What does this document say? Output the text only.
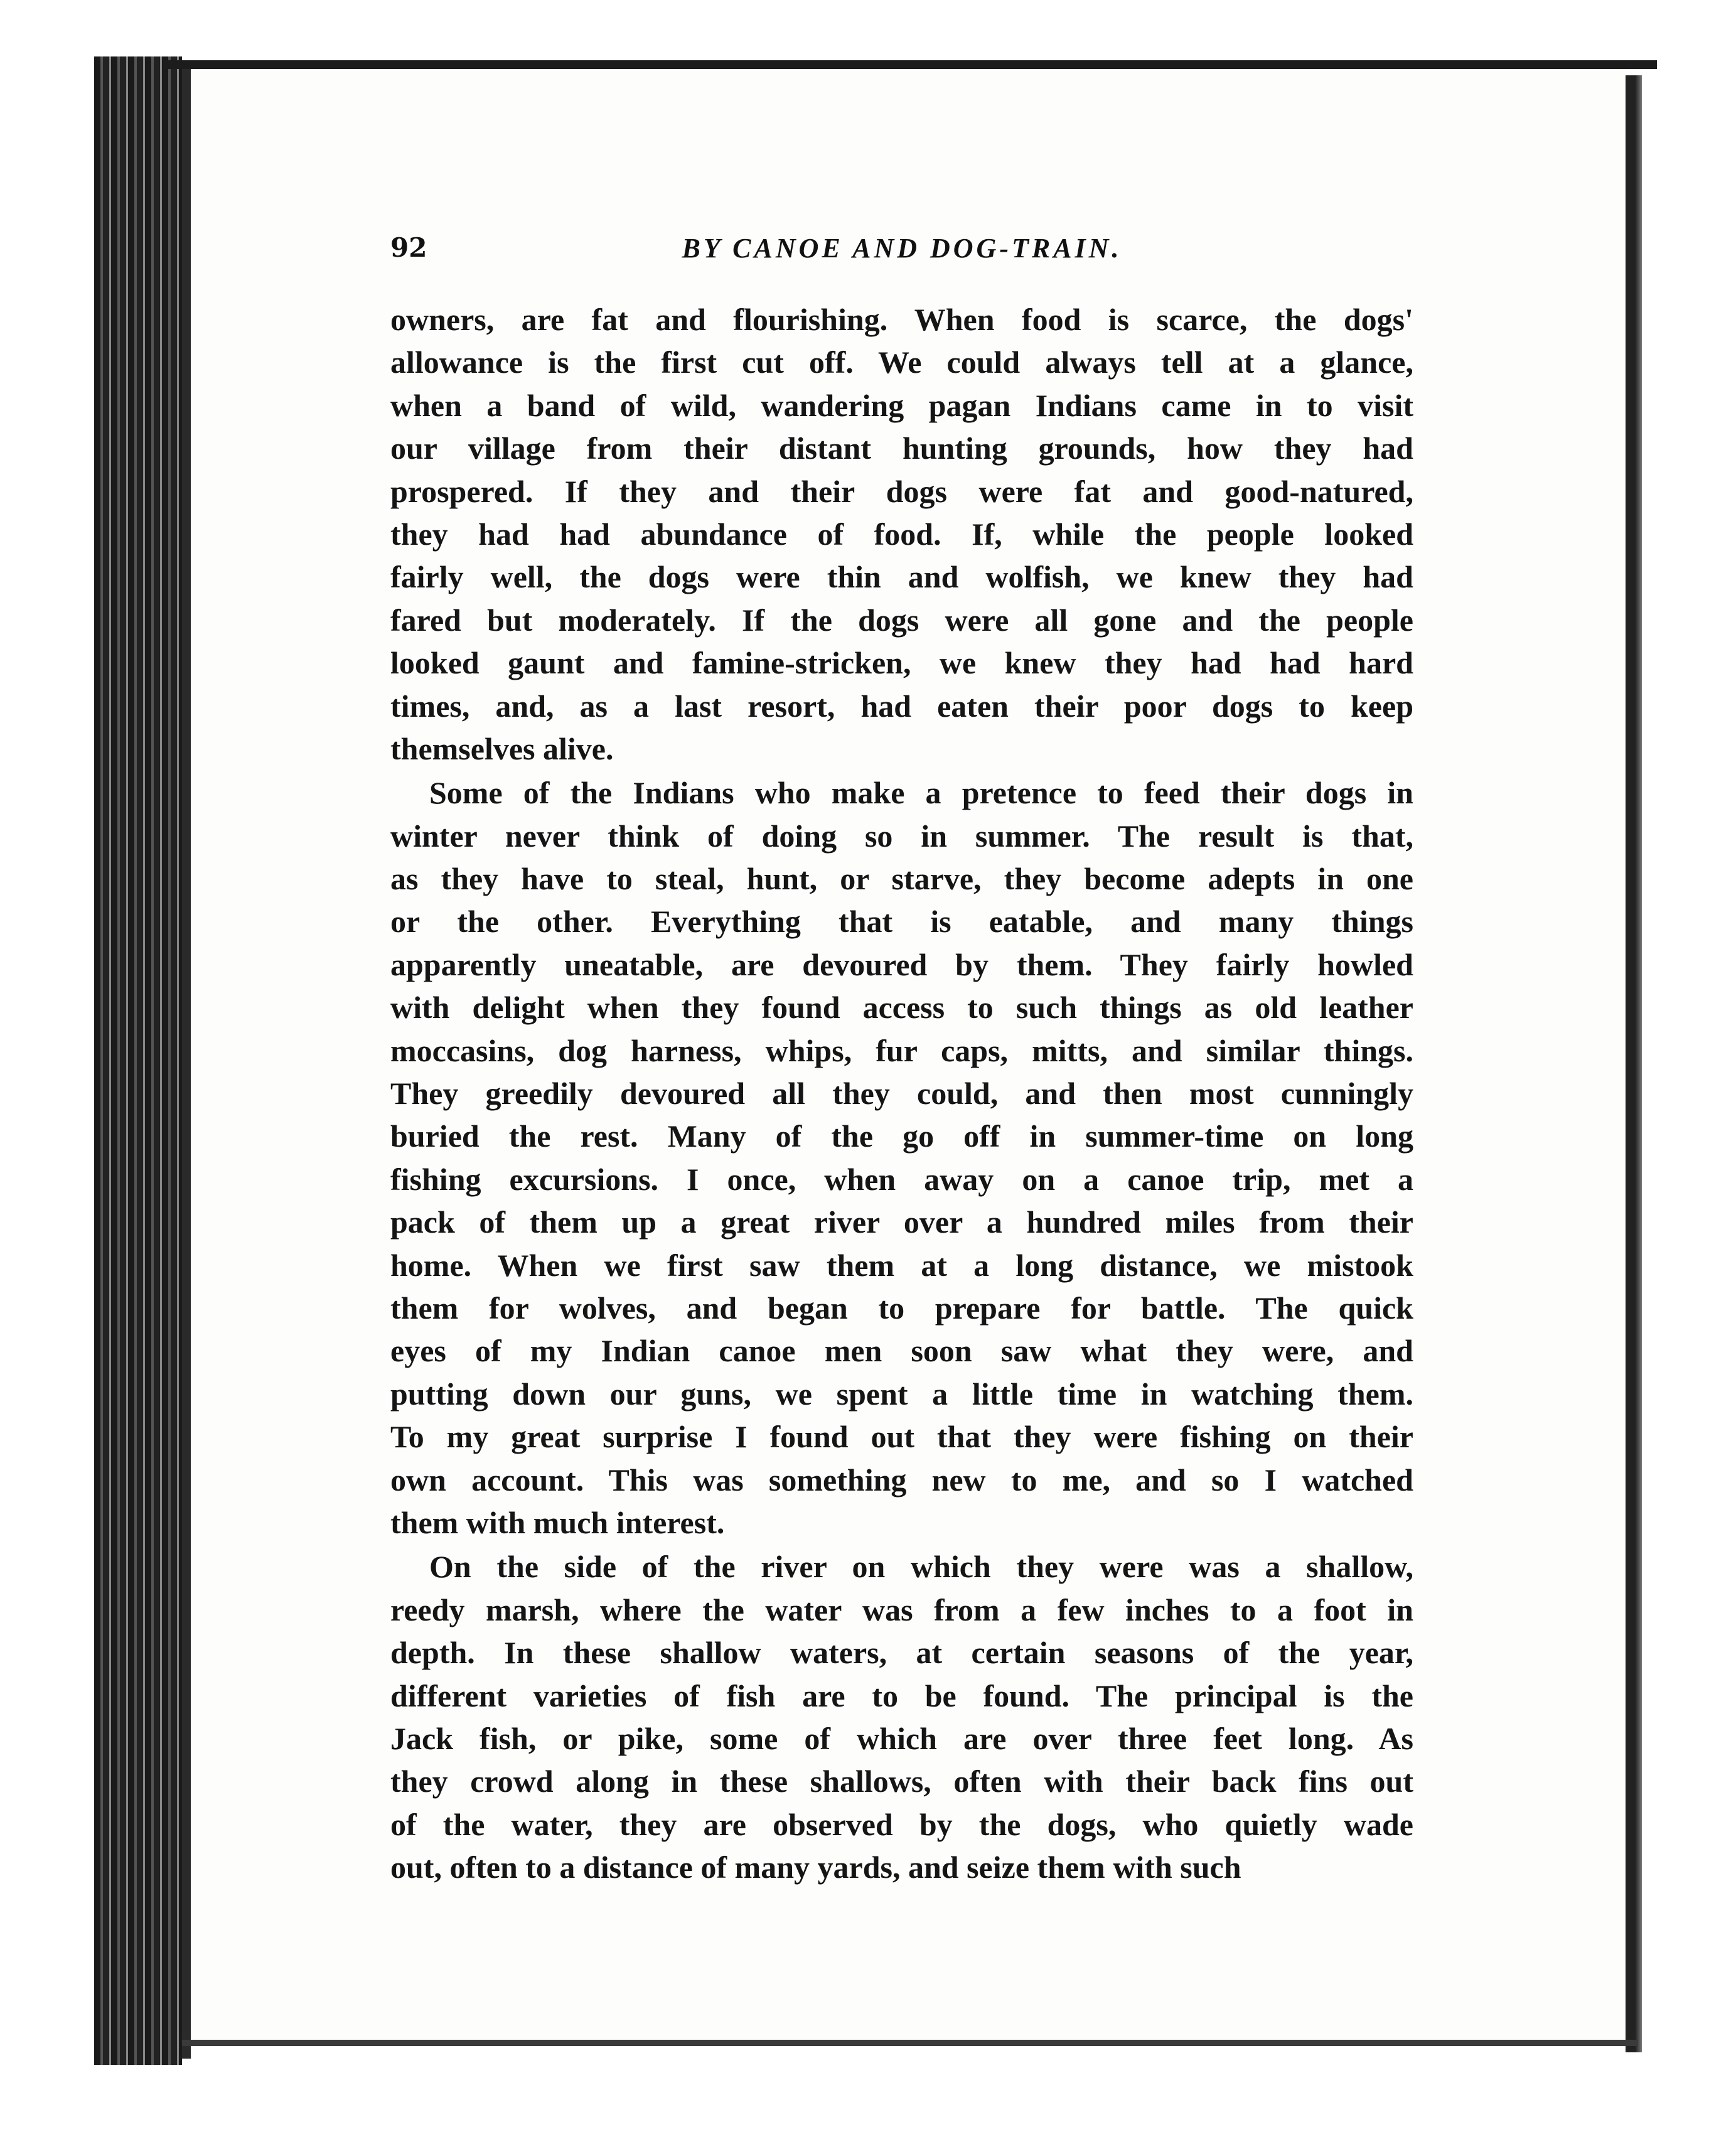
92	BY CANOE AND DOG-TRAIN.
owners, are fat and flourishing. When food is scarce, the dogs'
allowance is the first cut off. We could always tell at a glance,
when a band of wild, wandering pagan Indians came in to visit
our village from their distant hunting grounds, how they had
prospered. If they and their dogs were fat and good-natured,
they had had abundance of food. If, while the people looked
fairly well, the dogs were thin and wolfish, we knew they had
fared but moderately. If the dogs were all gone and the people
looked gaunt and famine-stricken, we knew they had had hard
times, and, as a last resort, had eaten their poor dogs to keep
themselves alive.
Some of the Indians who make a pretence to feed their dogs in
winter never think of doing so in summer. The result is that,
as they have to steal, hunt, or starve, they become adepts in one
or the other. Everything that is eatable, and many things
apparently uneatable, are devoured by them. They fairly howled
with delight when they found access to such things as old leather
moccasins, dog harness, whips, fur caps, mitts, and similar things.
They greedily devoured all they could, and then most cunningly
buried the rest. Many of the go off in summer-time on long
fishing excursions. I once, when away on a canoe trip, met a
pack of them up a great river over a hundred miles from their
home. When we first saw them at a long distance, we mistook
them for wolves, and began to prepare for battle. The quick
eyes of my Indian canoe men soon saw what they were, and
putting down our guns, we spent a little time in watching them.
To my great surprise I found out that they were fishing on their
own account. This was something new to me, and so I watched
them with much interest.
On the side of the river on which they were was a shallow,
reedy marsh, where the water was from a few inches to a foot in
depth. In these shallow waters, at certain seasons of the year,
different varieties of fish are to be found. The principal is the
Jack fish, or pike, some of which are over three feet long. As
they crowd along in these shallows, often with their back fins out
of the water, they are observed by the dogs, who quietly wade
out, often to a distance of many yards, and seize them with such
